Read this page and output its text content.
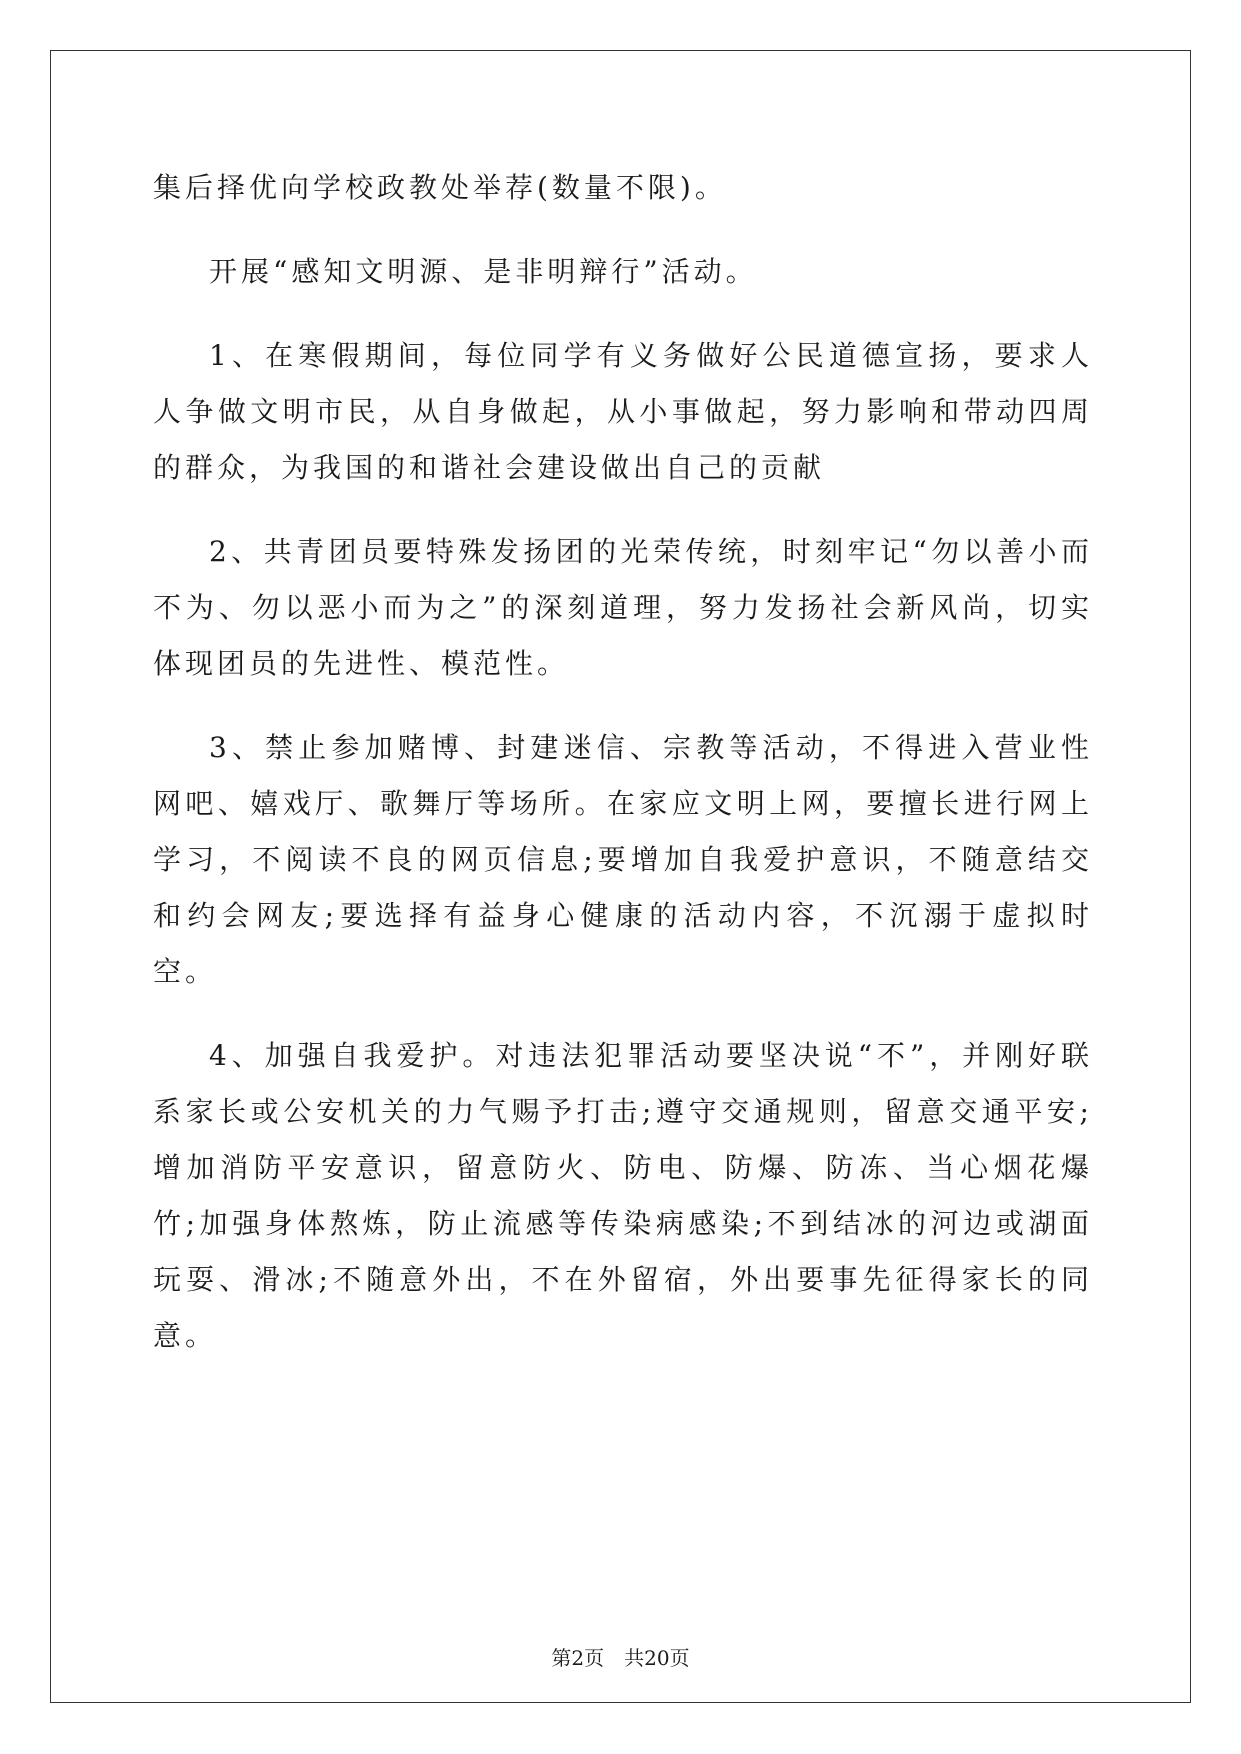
集后择优向学校政教处举荐(数量不限)。

开展“感知文明源、是非明辩行”活动。

1、在寒假期间，每位同学有义务做好公民道德宣扬，要求人人争做文明市民，从自身做起，从小事做起，努力影响和带动四周的群众，为我国的和谐社会建设做出自己的贡献

2、共青团员要特殊发扬团的光荣传统，时刻牢记“勿以善小而不为、勿以恶小而为之”的深刻道理，努力发扬社会新风尚，切实体现团员的先进性、模范性。

3、禁止参加赌博、封建迷信、宗教等活动，不得进入营业性网吧、嬉戏厅、歌舞厅等场所。在家应文明上网，要擅长进行网上学习，不阅读不良的网页信息;要增加自我爱护意识，不随意结交和约会网友;要选择有益身心健康的活动内容，不沉溺于虚拟时空。

4、加强自我爱护。对违法犯罪活动要坚决说“不”，并刚好联系家长或公安机关的力气赐予打击;遵守交通规则，留意交通平安;增加消防平安意识，留意防火、防电、防爆、防冻、当心烟花爆竹;加强身体熬炼，防止流感等传染病感染;不到结冰的河边或湖面玩耍、滑冰;不随意外出，不在外留宿，外出要事先征得家长的同意。

第2页 共20页
